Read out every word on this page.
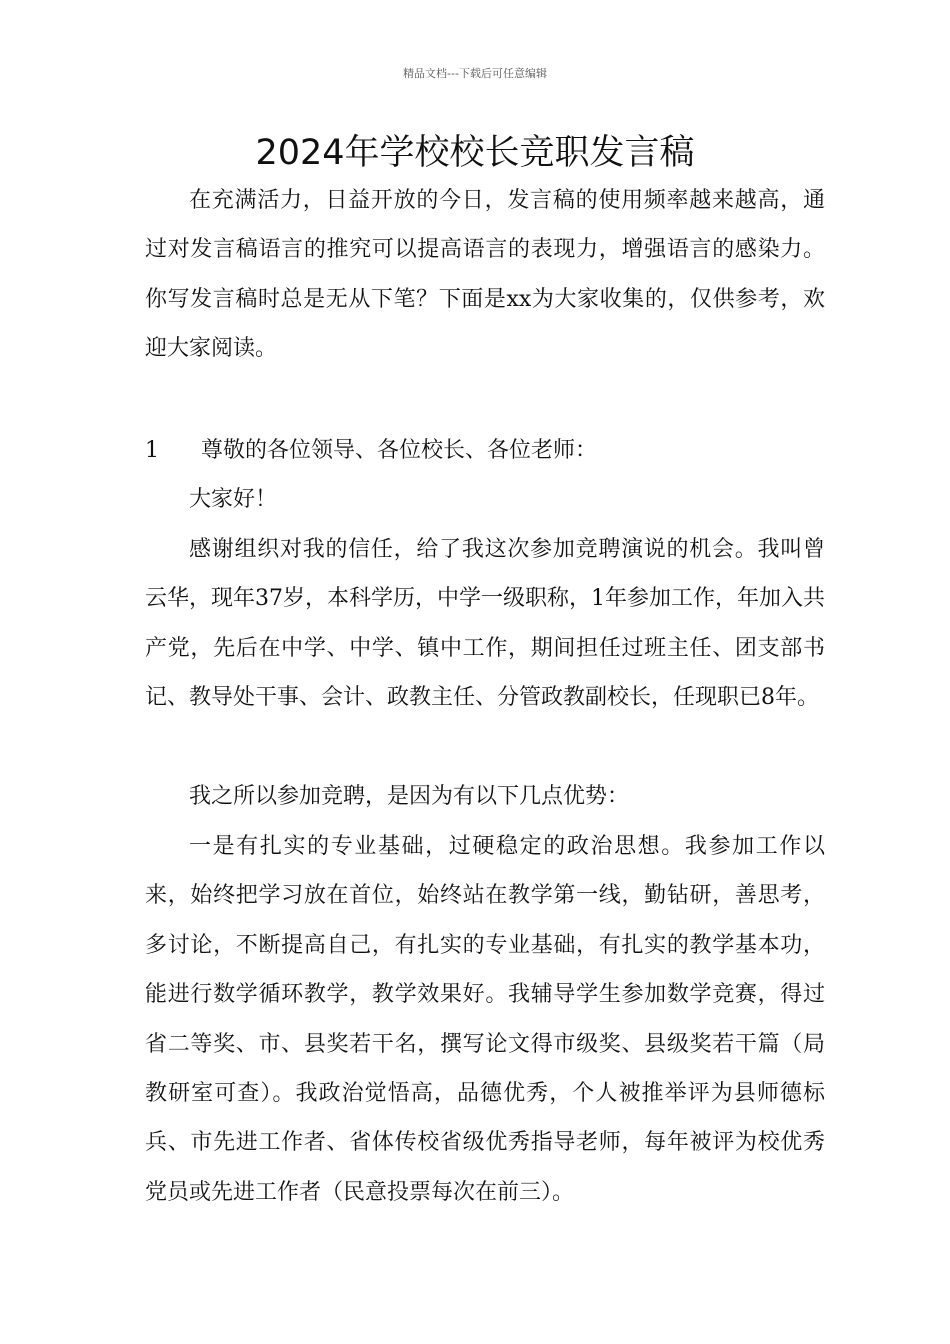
精品文档---下载后可任意编辑
2024年学校校长竞职发言稿

在充满活力，日益开放的今日，发言稿的使用频率越来越高，通过对发言稿语言的推究可以提高语言的表现力，增强语言的感染力。你写发言稿时总是无从下笔？下面是xx为大家收集的，仅供参考，欢迎大家阅读。

1 尊敬的各位领导、各位校长、各位老师：

大家好！

感谢组织对我的信任，给了我这次参加竞聘演说的机会。我叫曾云华，现年37岁，本科学历，中学一级职称，1年参加工作，年加入共产党，先后在中学、中学、镇中工作，期间担任过班主任、团支部书记、教导处干事、会计、政教主任、分管政教副校长，任现职已8年。

我之所以参加竞聘，是因为有以下几点优势：

一是有扎实的专业基础，过硬稳定的政治思想。我参加工作以来，始终把学习放在首位，始终站在教学第一线，勤钻研，善思考，多讨论，不断提高自己，有扎实的专业基础，有扎实的教学基本功，能进行数学循环教学，教学效果好。我辅导学生参加数学竞赛，得过省二等奖、市、县奖若干名，撰写论文得市级奖、县级奖若干篇（局教研室可查）。我政治觉悟高，品德优秀，个人被推举评为县师德标兵、市先进工作者、省体传校省级优秀指导老师，每年被评为校优秀党员或先进工作者（民意投票每次在前三）。
